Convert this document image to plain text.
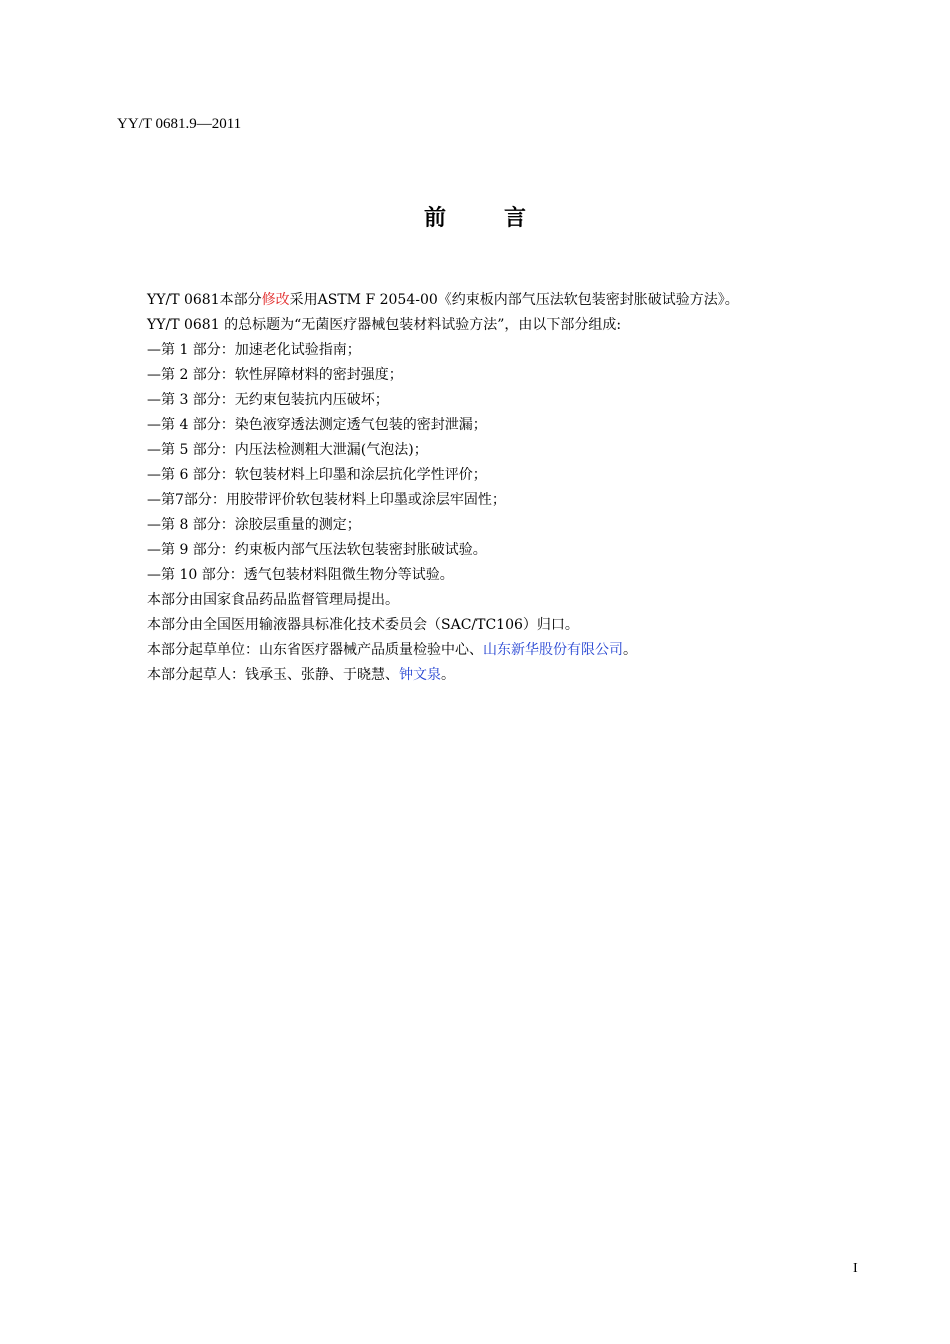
YY/T 0681.9—2011
前	言
YY/T 0681本部分修改采用ASTM F 2054-00《约束板内部气压法软包装密封胀破试验方法》。
YY/T 0681 的总标题为“无菌医疗器械包装材料试验方法”，由以下部分组成:
—第 1 部分：加速老化试验指南；
—第 2 部分：软性屏障材料的密封强度；
—第 3 部分：无约束包装抗内压破坏；
—第 4 部分：染色液穿透法测定透气包装的密封泄漏；
—第 5 部分：内压法检测粗大泄漏(气泡法)；
—第 6 部分：软包装材料上印墨和涂层抗化学性评价；
—第7部分：用胶带评价软包装材料上印墨或涂层牢固性；
—第 8 部分：涂胶层重量的测定；
—第 9 部分：约束板内部气压法软包装密封胀破试验。
—第 10 部分：透气包装材料阻微生物分等试验。
本部分由国家食品药品监督管理局提出。
本部分由全国医用输液器具标准化技术委员会（SAC/TC106）归口。
本部分起草单位：山东省医疗器械产品质量检验中心、山东新华股份有限公司。
本部分起草人：钱承玉、张静、于晓慧、钟文泉。
I
